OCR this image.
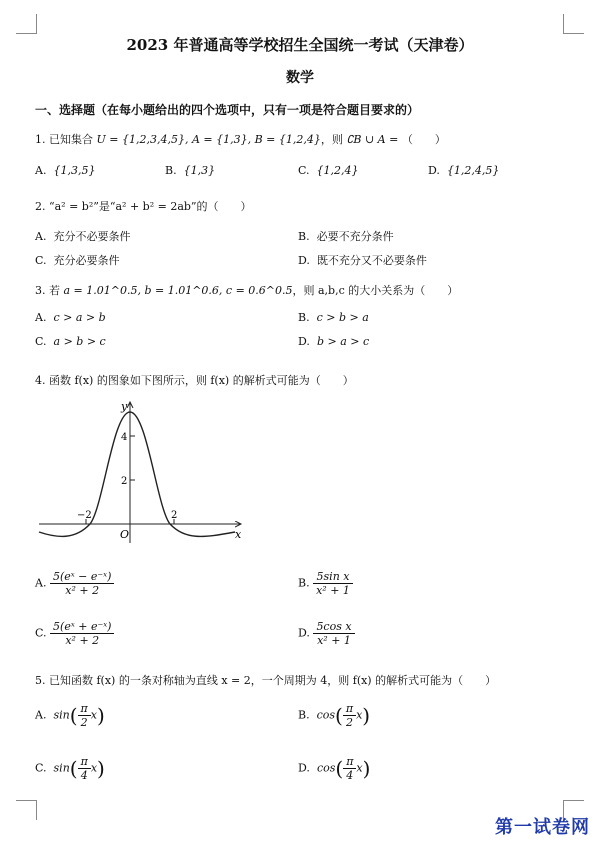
2023 年普通高等学校招生全国统一考试（天津卷）
数学
一、选择题（在每小题给出的四个选项中，只有一项是符合题目要求的）
1. 已知集合 U = {1,2,3,4,5}, A = {1,3}, B = {1,2,4}，则 ∁B ∪ A = （　　）
A. {1,3,5}	B. {1,3}	C. {1,2,4}	D. {1,2,4,5}
2. “a² = b²”是“a² + b² = 2ab”的（　　）
A. 充分不必要条件	B. 必要不充分条件
C. 充分必要条件	D. 既不充分又不必要条件
3. 若 a = 1.01^0.5, b = 1.01^0.6, c = 0.6^0.5，则 a,b,c 的大小关系为（　　）
A. c > a > b	B. c > b > a
C. a > b > c	D. b > a > c
4. 函数 f(x) 的图象如下图所示，则 f(x) 的解析式可能为（　　）
y
x
O
4
2
−2	2
A. $\frac{\text{5(eˣ − e⁻ˣ)}}{\text{x² + 2}}$	B. $\frac{\text{5sin x}}{\text{x² + 1}}$
C. $\frac{\text{5(eˣ + e⁻ˣ)}}{\text{x² + 2}}$	D. $\frac{\text{5cos x}}{\text{x² + 1}}$
5. 已知函数 f(x) 的一条对称轴为直线 x = 2，一个周期为 4，则 f(x) 的解析式可能为（　　）
A. $\sin( \frac{\pi}{2} x)$	B. $\cos( \frac{\pi}{2} x)$
C. $\sin( \frac{\pi}{4} x)$	D. $\cos( \frac{\pi}{4} x)$
第一试卷网
